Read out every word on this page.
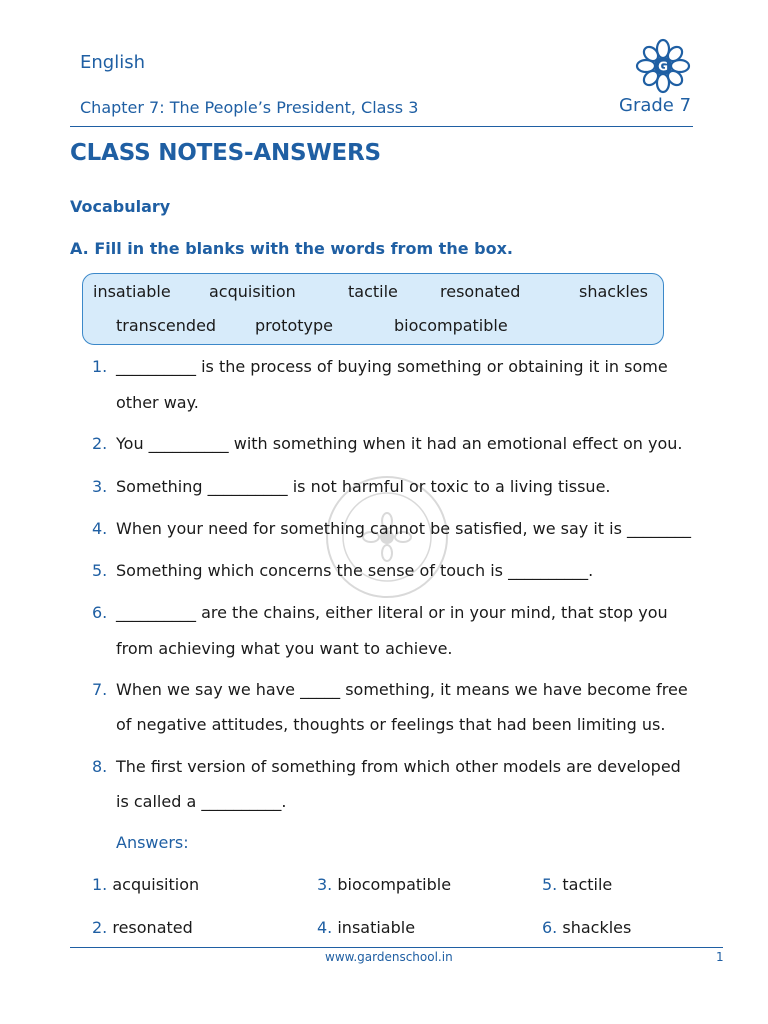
English
Chapter 7: The People’s President, Class 3	Grade 7
G
CLASS NOTES-ANSWERS
Vocabulary
A. Fill in the blanks with the words from the box.
insatiable acquisition	tactile	resonated	shackles
transcended prototype	biocompatible
1. __________ is the process of buying something or obtaining it in some
other way.
2. You __________ with something when it had an emotional effect on you.
3. Something __________ is not harmful or toxic to a living tissue.
4. When your need for something cannot be satisfied, we say it is ________
5. Something which concerns the sense of touch is __________.
6. __________ are the chains, either literal or in your mind, that stop you
from achieving what you want to achieve.
7. When we say we have _____ something, it means we have become free
of negative attitudes, thoughts or feelings that had been limiting us.
8. The first version of something from which other models are developed
is called a __________.
Answers:
1. acquisition	3. biocompatible	5. tactile
2. resonated	4. insatiable	6. shackles
www.gardenschool.in	1
